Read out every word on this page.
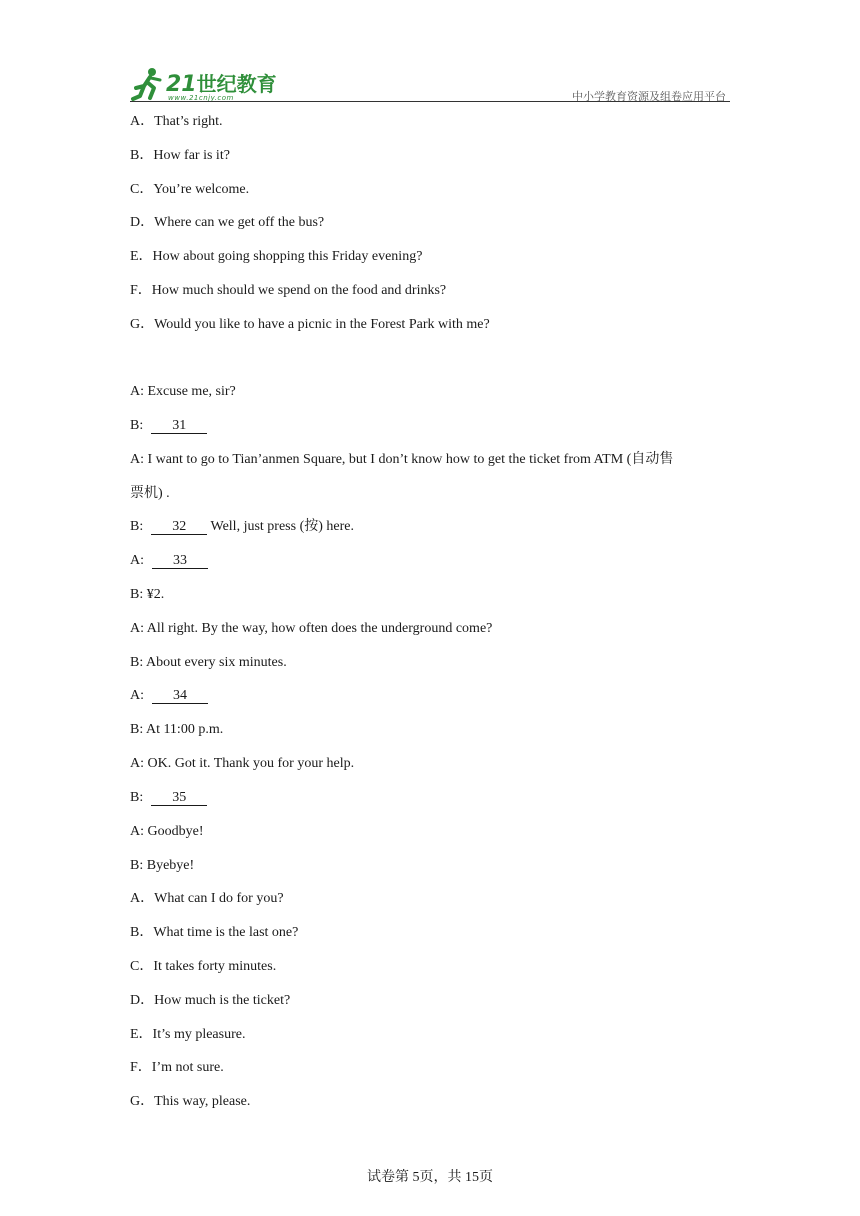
21世纪教育
www.21cnjy.com	中小学教育资源及组卷应用平台
A．That’s right.
B．How far is it?
C．You’re welcome.
D．Where can we get off the bus?
E．How about going shopping this Friday evening?
F．How much should we spend on the food and drinks?
G．Would you like to have a picnic in the Forest Park with me?
A: Excuse me, sir?
B: 31
A: I want to go to Tian’anmen Square, but I don’t know how to get the ticket from ATM (自动售
票机) .
B: 32 Well, just press (按) here.
A: 33
B: ¥2.
A: All right. By the way, how often does the underground come?
B: About every six minutes.
A: 34
B: At 11:00 p.m.
A: OK. Got it. Thank you for your help.
B: 35
A: Goodbye!
B: Byebye!
A．What can I do for you?
B．What time is the last one?
C．It takes forty minutes.
D．How much is the ticket?
E．It’s my pleasure.
F．I’m not sure.
G．This way, please.
试卷第 5页，共 15页
